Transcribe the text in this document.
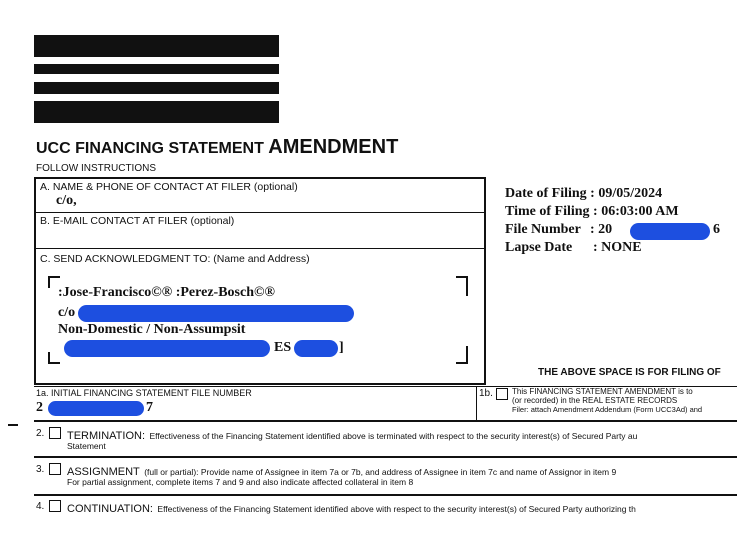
UCC FINANCING STATEMENT AMENDMENT
FOLLOW INSTRUCTIONS
A. NAME & PHONE OF CONTACT AT FILER (optional)
c/o,
B. E-MAIL CONTACT AT FILER (optional)
C. SEND ACKNOWLEDGMENT TO: (Name and Address)
:Jose-Francisco©® :Perez-Bosch©®
c/o
Non-Domestic / Non-Assumpsit
ES	]
Date of Filing : 09/05/2024
Time of Filing : 06:03:00 AM
File Number : 20	6
Lapse Date : NONE
THE ABOVE SPACE IS FOR FILING OF
1a. INITIAL FINANCING STATEMENT FILE NUMBER
2	7
1b. This FINANCING STATEMENT AMENDMENT is to
(or recorded) in the REAL ESTATE RECORDS
Filer: attach Amendment Addendum (Form UCC3Ad) and
2. TERMINATION: Effectiveness of the Financing Statement identified above is terminated with respect to the security interest(s) of Secured Party au
Statement
3. ASSIGNMENT (full or partial): Provide name of Assignee in item 7a or 7b, and address of Assignee in item 7c and name of Assignor in item 9
For partial assignment, complete items 7 and 9 and also indicate affected collateral in item 8
4. CONTINUATION: Effectiveness of the Financing Statement identified above with respect to the security interest(s) of Secured Party authorizing th
